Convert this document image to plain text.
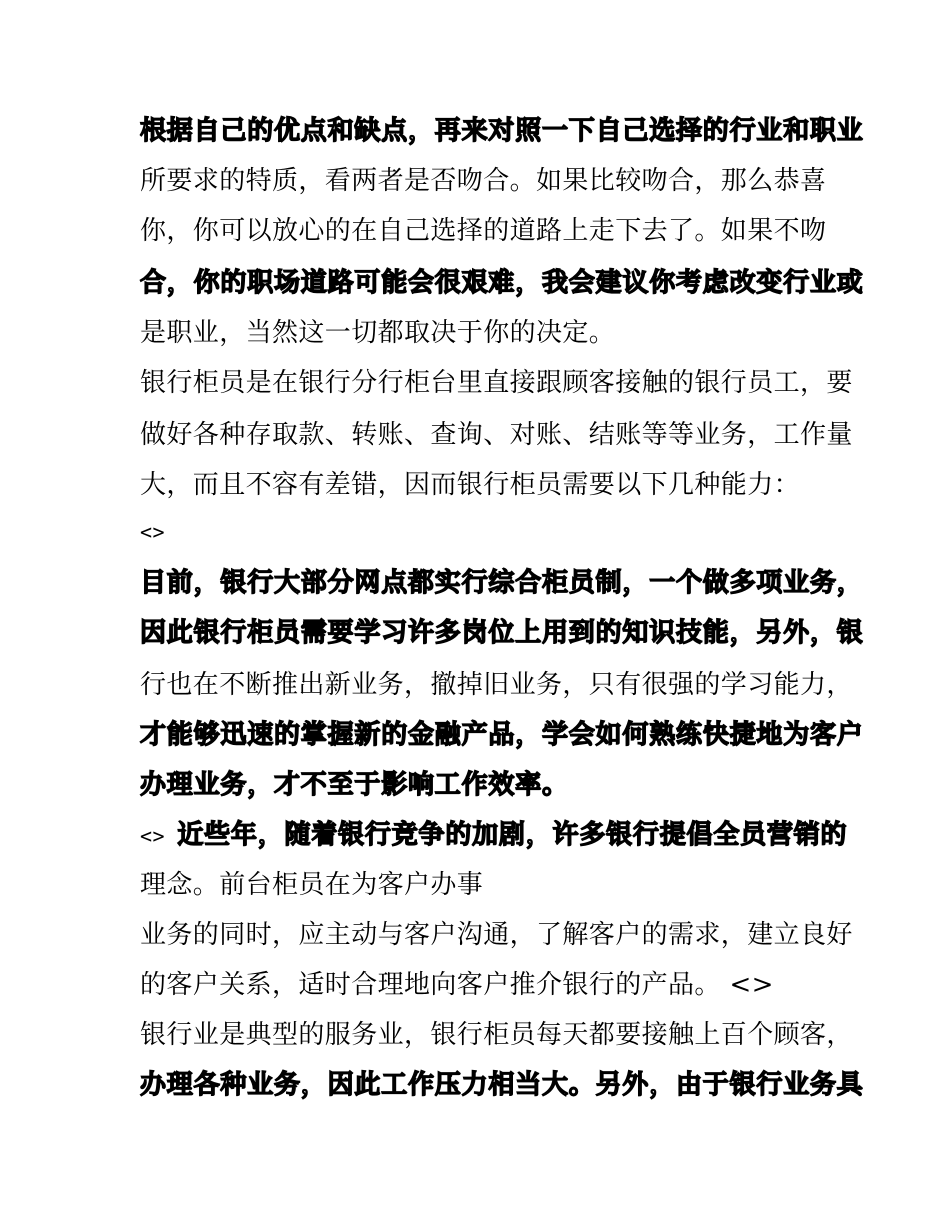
根据自己的优点和缺点，再来对照一下自己选择的行业和职业
所要求的特质，看两者是否吻合。如果比较吻合，那么恭喜
你，你可以放心的在自己选择的道路上走下去了。如果不吻
合，你的职场道路可能会很艰难，我会建议你考虑改变行业或
是职业，当然这一切都取决于你的决定。
银行柜员是在银行分行柜台里直接跟顾客接触的银行员工，要
做好各种存取款、转账、查询、对账、结账等等业务，工作量
大，而且不容有差错，因而银行柜员需要以下几种能力：
<>
目前，银行大部分网点都实行综合柜员制，一个做多项业务，
因此银行柜员需要学习许多岗位上用到的知识技能，另外，银
行也在不断推出新业务，撤掉旧业务，只有很强的学习能力，
才能够迅速的掌握新的金融产品，学会如何熟练快捷地为客户
办理业务，才不至于影响工作效率。
<> 近些年，随着银行竞争的加剧，许多银行提倡全员营销的
理念。前台柜员在为客户办事
业务的同时，应主动与客户沟通，了解客户的需求，建立良好
的客户关系，适时合理地向客户推介银行的产品。 <>
银行业是典型的服务业，银行柜员每天都要接触上百个顾客，
办理各种业务，因此工作压力相当大。另外，由于银行业务具
